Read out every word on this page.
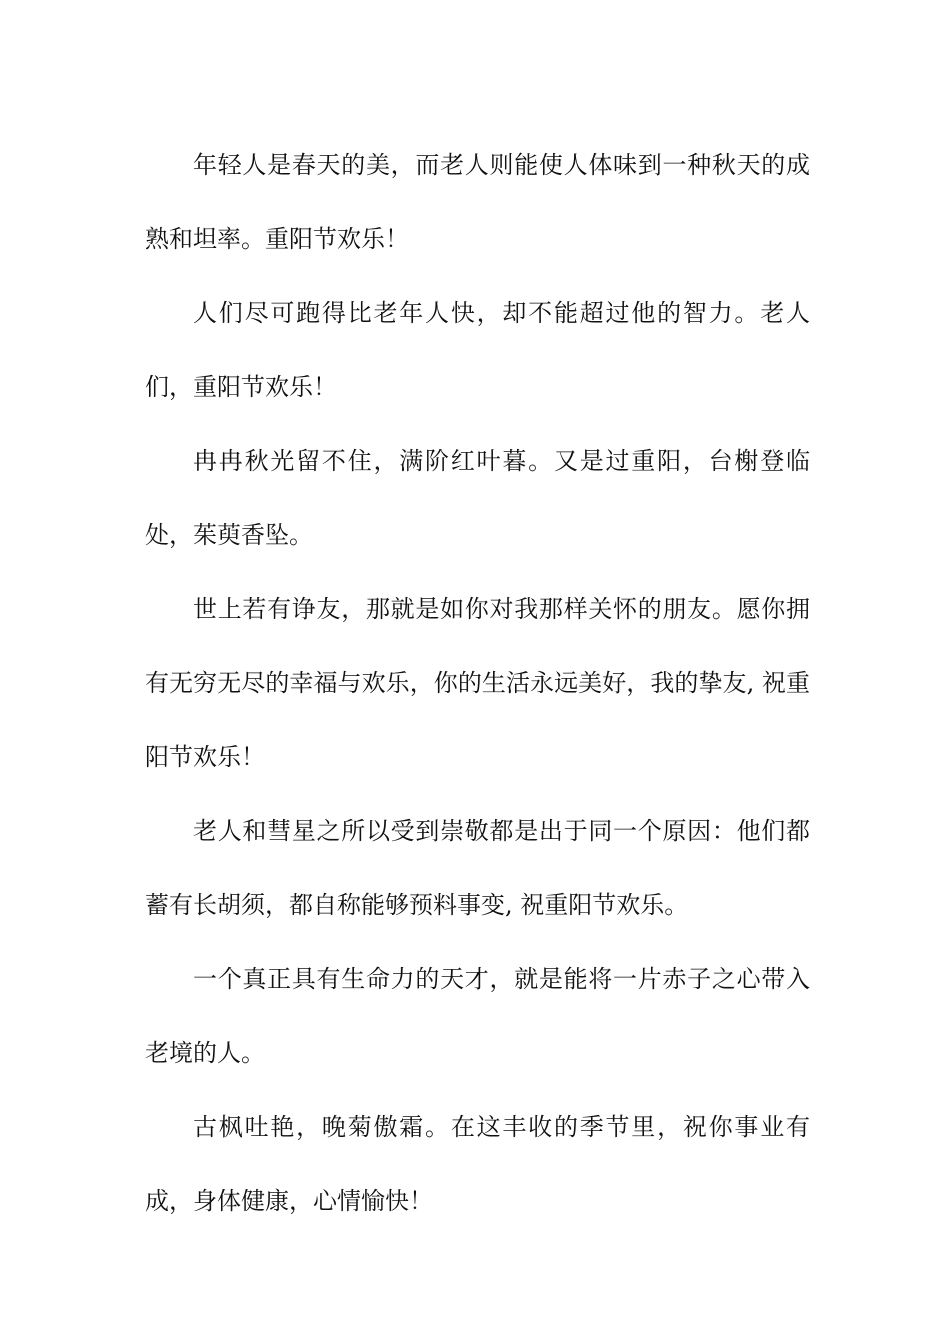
年轻人是春天的美，而老人则能使人体味到一种秋天的成熟和坦率。重阳节欢乐！

人们尽可跑得比老年人快，却不能超过他的智力。老人们，重阳节欢乐！

冉冉秋光留不住，满阶红叶暮。又是过重阳，台榭登临处，茱萸香坠。

世上若有诤友，那就是如你对我那样关怀的朋友。愿你拥有无穷无尽的幸福与欢乐，你的生活永远美好，我的挚友, 祝重阳节欢乐！

老人和彗星之所以受到崇敬都是出于同一个原因：他们都蓄有长胡须，都自称能够预料事变, 祝重阳节欢乐。

一个真正具有生命力的天才，就是能将一片赤子之心带入老境的人。

古枫吐艳，晚菊傲霜。在这丰收的季节里，祝你事业有成，身体健康，心情愉快！
